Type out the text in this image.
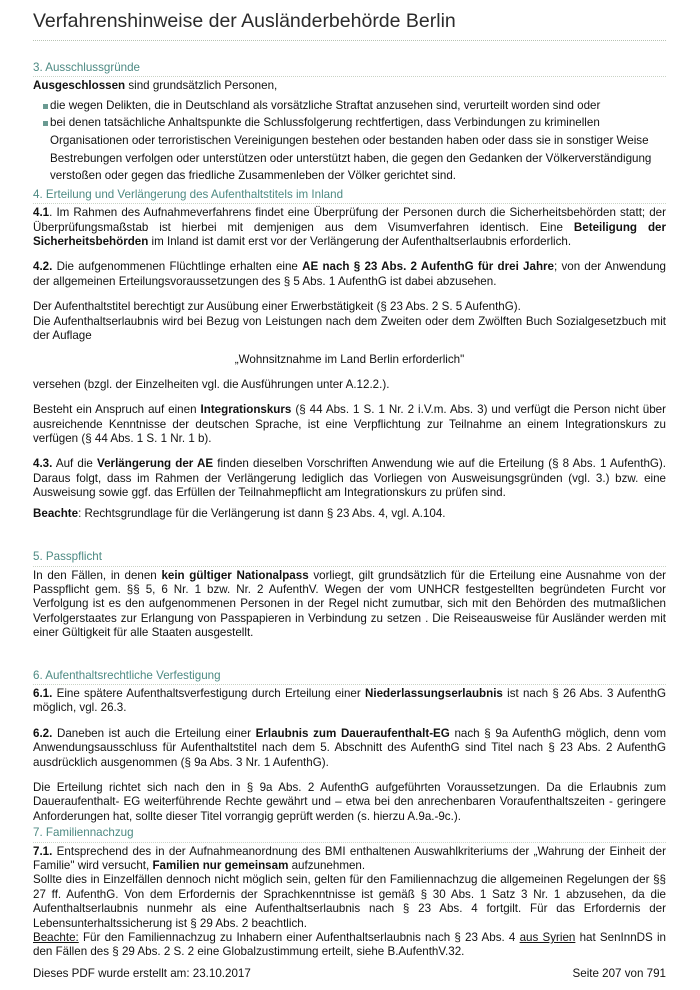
Verfahrenshinweise der Ausländerbehörde Berlin
3. Ausschlussgründe

Ausgeschlossen sind grundsätzlich Personen,

die wegen Delikten, die in Deutschland als vorsätzliche Straftat anzusehen sind, verurteilt worden sind oder
bei denen tatsächliche Anhaltspunkte die Schlussfolgerung rechtfertigen, dass Verbindungen zu kriminellen Organisationen oder terroristischen Vereinigungen bestehen oder bestanden haben oder dass sie in sonstiger Weise Bestrebungen verfolgen oder unterstützen oder unterstützt haben, die gegen den Gedanken der Völkerverständigung verstoßen oder gegen das friedliche Zusammenleben der Völker gerichtet sind.
4. Erteilung und Verlängerung des Aufenthaltstitels im Inland

4.1. Im Rahmen des Aufnahmeverfahrens findet eine Überprüfung der Personen durch die Sicherheitsbehörden statt; der Überprüfungsmaßstab ist hierbei mit demjenigen aus dem Visumverfahren identisch. Eine Beteiligung der Sicherheitsbehörden im Inland ist damit erst vor der Verlängerung der Aufenthaltserlaubnis erforderlich.

4.2. Die aufgenommenen Flüchtlinge erhalten eine AE nach § 23 Abs. 2 AufenthG für drei Jahre; von der Anwendung der allgemeinen Erteilungsvoraussetzungen des § 5 Abs. 1 AufenthG ist dabei abzusehen.

Der Aufenthaltstitel berechtigt zur Ausübung einer Erwerbstätigkeit (§ 23 Abs. 2 S. 5 AufenthG).

Die Aufenthaltserlaubnis wird bei Bezug von Leistungen nach dem Zweiten oder dem Zwölften Buch Sozialgesetzbuch mit der Auflage

„Wohnsitznahme im Land Berlin erforderlich"

versehen (bzgl. der Einzelheiten vgl. die Ausführungen unter A.12.2.).

Besteht ein Anspruch auf einen Integrationskurs (§ 44 Abs. 1 S. 1 Nr. 2 i.V.m. Abs. 3) und verfügt die Person nicht über ausreichende Kenntnisse der deutschen Sprache, ist eine Verpflichtung zur Teilnahme an einem Integrationskurs zu verfügen (§ 44 Abs. 1 S. 1 Nr. 1 b).

4.3. Auf die Verlängerung der AE finden dieselben Vorschriften Anwendung wie auf die Erteilung (§ 8 Abs. 1 AufenthG). Daraus folgt, dass im Rahmen der Verlängerung lediglich das Vorliegen von Ausweisungsgründen (vgl. 3.) bzw. eine Ausweisung sowie ggf. das Erfüllen der Teilnahmepflicht am Integrationskurs zu prüfen sind.

Beachte: Rechtsgrundlage für die Verlängerung ist dann § 23 Abs. 4, vgl. A.104.

5. Passpflicht

In den Fällen, in denen kein gültiger Nationalpass vorliegt, gilt grundsätzlich für die Erteilung eine Ausnahme von der Passpflicht gem. §§ 5, 6 Nr. 1 bzw. Nr. 2 AufenthV. Wegen der vom UNHCR festgestellten begründeten Furcht vor Verfolgung ist es den aufgenommenen Personen in der Regel nicht zumutbar, sich mit den Behörden des mutmaßlichen Verfolgerstaates zur Erlangung von Passpapieren in Verbindung zu setzen . Die Reiseausweise für Ausländer werden mit einer Gültigkeit für alle Staaten ausgestellt.

6. Aufenthaltsrechtliche Verfestigung

6.1. Eine spätere Aufenthaltsverfestigung durch Erteilung einer Niederlassungserlaubnis ist nach § 26 Abs. 3 AufenthG möglich, vgl. 26.3.

6.2. Daneben ist auch die Erteilung einer Erlaubnis zum Daueraufenthalt-EG nach § 9a AufenthG möglich, denn vom Anwendungsausschluss für Aufenthaltstitel nach dem 5. Abschnitt des AufenthG sind Titel nach § 23 Abs. 2 AufenthG ausdrücklich ausgenommen (§ 9a Abs. 3 Nr. 1 AufenthG).

Die Erteilung richtet sich nach den in § 9a Abs. 2 AufenthG aufgeführten Voraussetzungen. Da die Erlaubnis zum Daueraufenthalt- EG weiterführende Rechte gewährt und – etwa bei den anrechenbaren Voraufenthaltszeiten - geringere Anforderungen hat, sollte dieser Titel vorrangig geprüft werden (s. hierzu A.9a.-9c.).

7. Familiennachzug

7.1. Entsprechend des in der Aufnahmeanordnung des BMI enthaltenen Auswahlkriteriums der „Wahrung der Einheit der Familie" wird versucht, Familien nur gemeinsam aufzunehmen.

Sollte dies in Einzelfällen dennoch nicht möglich sein, gelten für den Familiennachzug die allgemeinen Regelungen der §§ 27 ff. AufenthG. Von dem Erfordernis der Sprachkenntnisse ist gemäß § 30 Abs. 1 Satz 3 Nr. 1 abzusehen, da die Aufenthaltserlaubnis nunmehr als eine Aufenthaltserlaubnis nach § 23 Abs. 4 fortgilt. Für das Erfordernis der Lebensunterhaltssicherung ist § 29 Abs. 2 beachtlich.

Beachte: Für den Familiennachzug zu Inhabern einer Aufenthaltserlaubnis nach § 23 Abs. 4 aus Syrien hat SenInnDS in den Fällen des § 29 Abs. 2 S. 2 eine Globalzustimmung erteilt, siehe B.AufenthV.32.

Dieses PDF wurde erstellt am: 23.10.2017	Seite 207 von 791
